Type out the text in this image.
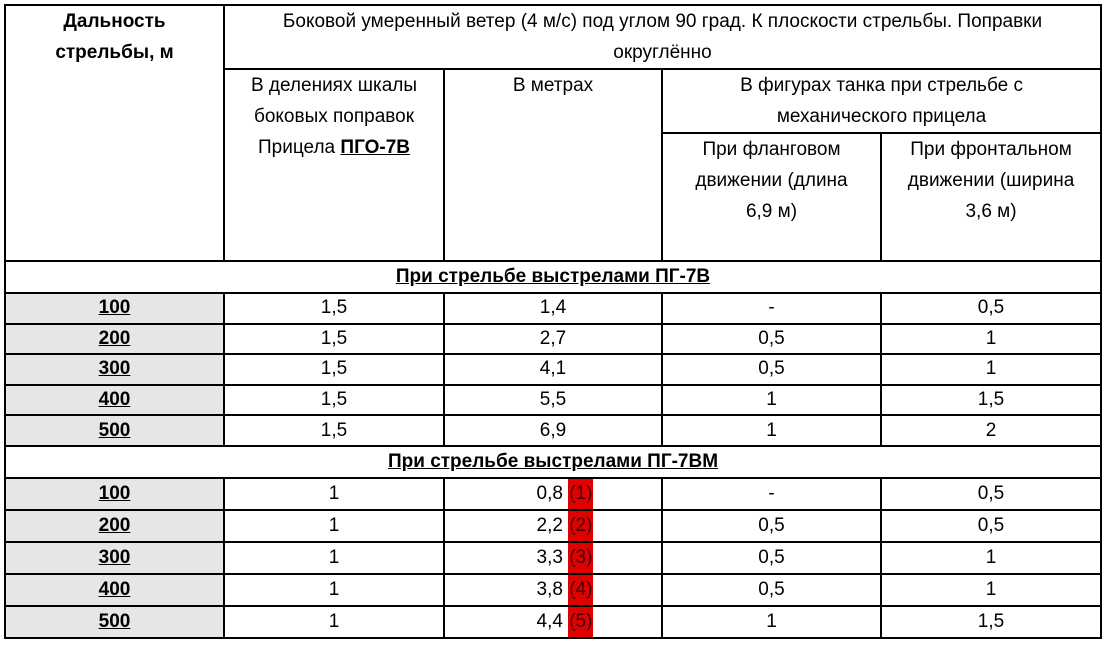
Дальность стрельбы, м	Боковой умеренный ветер (4 м/с) под углом 90 град. К плоскости стрельбы. Поправки округлённо			
	В делениях шкалы боковых поправок Прицела ПГО-7В	В метрах	В фигурах танка при стрельбе с механического прицела	
			При фланговом движении (длина 6,9 м)	При фронтальном движении (ширина 3,6 м)
При стрельбе выстрелами ПГ-7В				
100	1,5	1,4	-	0,5
200	1,5	2,7	0,5	1
300	1,5	4,1	0,5	1
400	1,5	5,5	1	1,5
500	1,5	6,9	1	2
При стрельбе выстрелами ПГ-7ВМ				
100	1	0,8 (1)	-	0,5
200	1	2,2 (2)	0,5	0,5
300	1	3,3 (3)	0,5	1
400	1	3,8 (4)	0,5	1
500	1	4,4 (5)	1	1,5
